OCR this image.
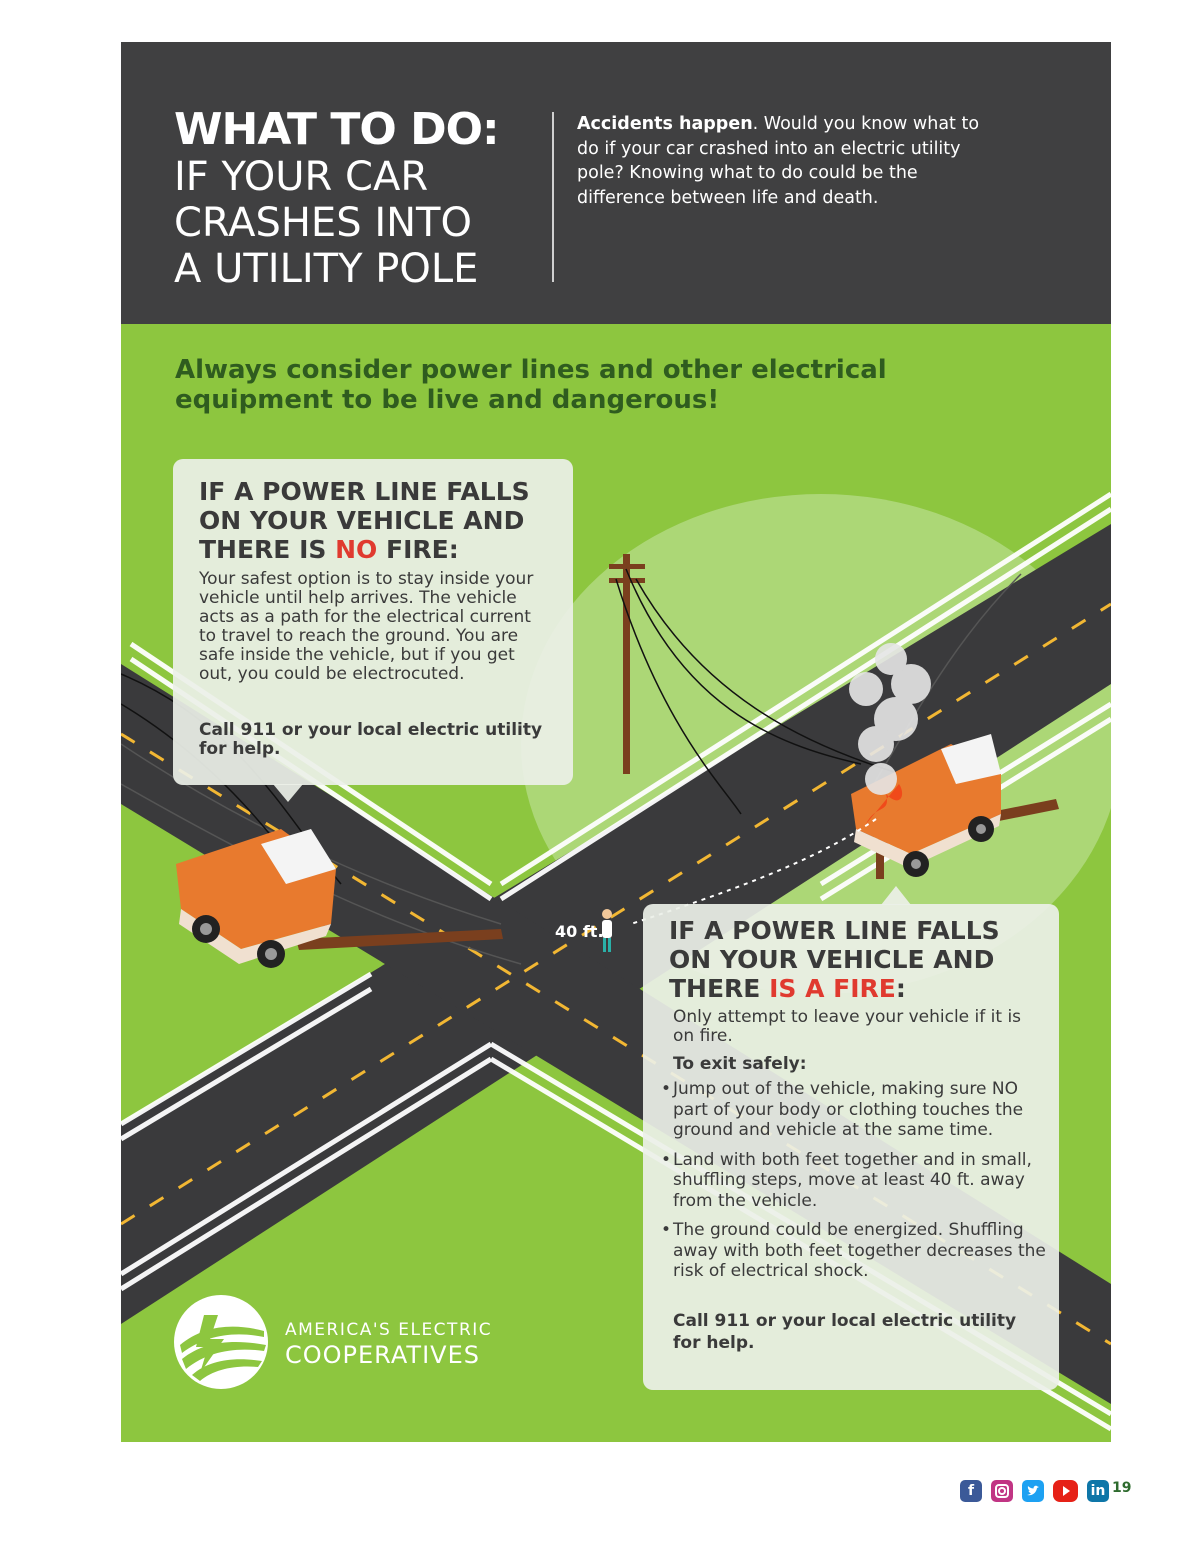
WHAT TO DO:
IF YOUR CAR
CRASHES INTO
A UTILITY POLE
Accidents happen. Would you know what to do if your car crashed into an electric utility pole? Knowing what to do could be the difference between life and death.
Always consider power lines and other electrical equipment to be live and dangerous!
IF A POWER LINE FALLS ON YOUR VEHICLE AND THERE IS NO FIRE:

Your safest option is to stay inside your vehicle until help arrives. The vehicle acts as a path for the electrical current to travel to reach the ground. You are safe inside the vehicle, but if you get out, you could be electrocuted.

Call 911 or your local electric utility for help.

IF A POWER LINE FALLS ON YOUR VEHICLE AND THERE IS A FIRE:

Only attempt to leave your vehicle if it is on fire.

To exit safely:
• Jump out of the vehicle, making sure NO part of your body or clothing touches the ground and vehicle at the same time.
• Land with both feet together and in small, shuffling steps, move at least 40 ft. away from the vehicle.
• The ground could be energized. Shuffling away with both feet together decreases the risk of electrical shock.

Call 911 or your local electric utility for help.

40 ft.
AMERICA'S ELECTRIC
COOPERATIVES
f	in 19
